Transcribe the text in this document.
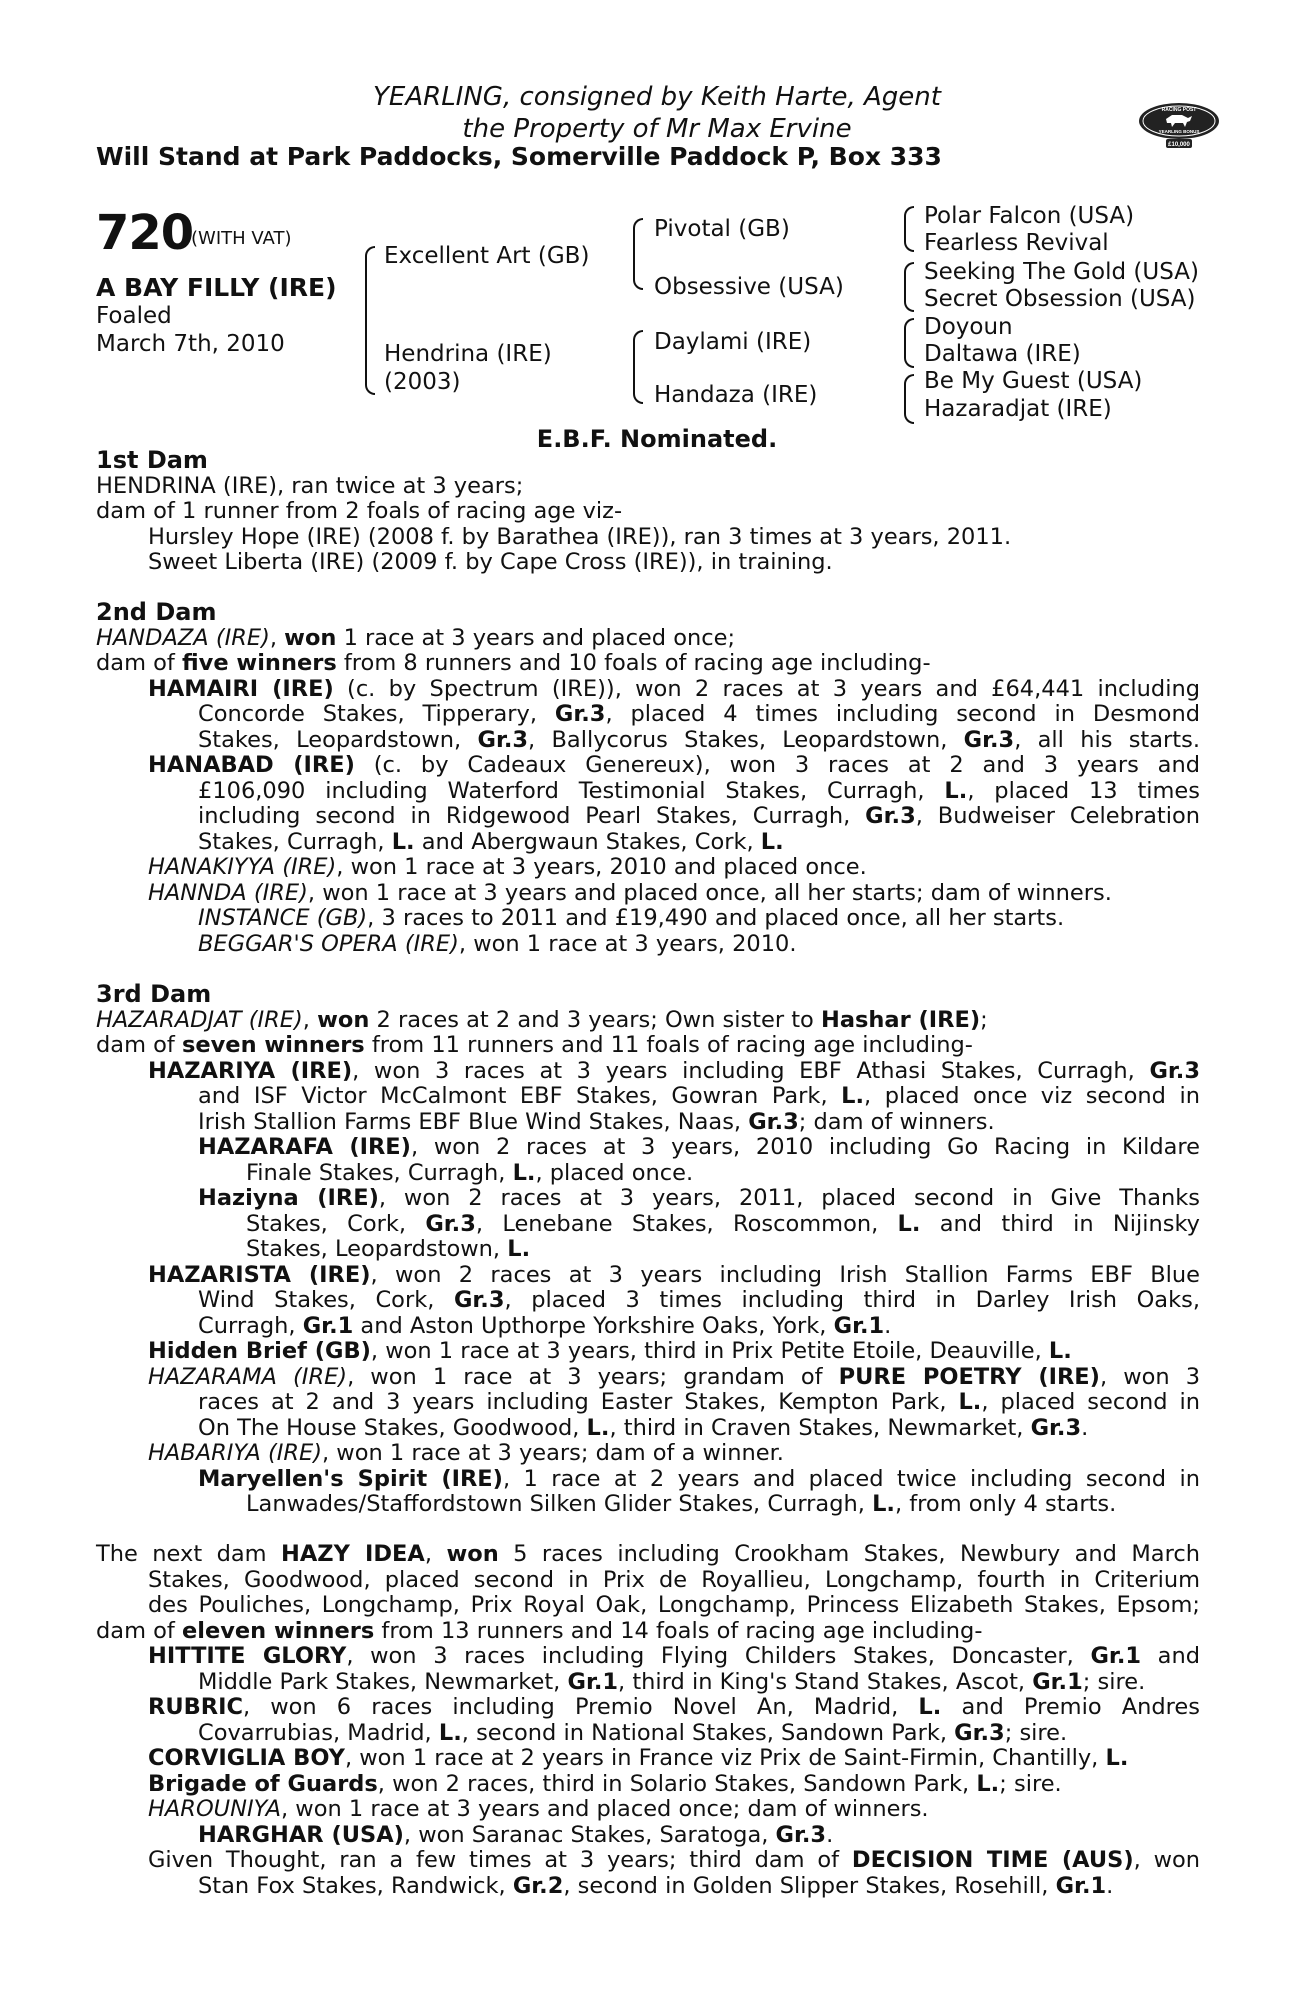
YEARLING, consigned by Keith Harte, Agent
the Property of Mr Max Ervine
Will Stand at Park Paddocks, Somerville Paddock P, Box 333
RACING POST
YEARLING BONUS
£10,000
720
(WITH VAT)
A BAY FILLY (IRE)
Foaled
March 7th, 2010
Excellent Art (GB)
Hendrina (IRE)
(2003)
Pivotal (GB)
Obsessive (USA)
Daylami (IRE)
Handaza (IRE)
Polar Falcon (USA)
Fearless Revival
Seeking The Gold (USA)
Secret Obsession (USA)
Doyoun
Daltawa (IRE)
Be My Guest (USA)
Hazaradjat (IRE)
E.B.F. Nominated.
1st Dam
HENDRINA (IRE), ran twice at 3 years;
dam of 1 runner from 2 foals of racing age viz-
Hursley Hope (IRE) (2008 f. by Barathea (IRE)), ran 3 times at 3 years, 2011.
Sweet Liberta (IRE) (2009 f. by Cape Cross (IRE)), in training.
2nd Dam
HANDAZA (IRE), won 1 race at 3 years and placed once;
dam of five winners from 8 runners and 10 foals of racing age including-
HAMAIRI (IRE) (c. by Spectrum (IRE)), won 2 races at 3 years and £64,441 including
Concorde Stakes, Tipperary, Gr.3, placed 4 times including second in Desmond
Stakes, Leopardstown, Gr.3, Ballycorus Stakes, Leopardstown, Gr.3, all his starts.
HANABAD (IRE) (c. by Cadeaux Genereux), won 3 races at 2 and 3 years and
£106,090 including Waterford Testimonial Stakes, Curragh, L., placed 13 times
including second in Ridgewood Pearl Stakes, Curragh, Gr.3, Budweiser Celebration
Stakes, Curragh, L. and Abergwaun Stakes, Cork, L.
HANAKIYYA (IRE), won 1 race at 3 years, 2010 and placed once.
HANNDA (IRE), won 1 race at 3 years and placed once, all her starts; dam of winners.
INSTANCE (GB), 3 races to 2011 and £19,490 and placed once, all her starts.
BEGGAR'S OPERA (IRE), won 1 race at 3 years, 2010.
3rd Dam
HAZARADJAT (IRE), won 2 races at 2 and 3 years; Own sister to Hashar (IRE);
dam of seven winners from 11 runners and 11 foals of racing age including-
HAZARIYA (IRE), won 3 races at 3 years including EBF Athasi Stakes, Curragh, Gr.3
and ISF Victor McCalmont EBF Stakes, Gowran Park, L., placed once viz second in
Irish Stallion Farms EBF Blue Wind Stakes, Naas, Gr.3; dam of winners.
HAZARAFA (IRE), won 2 races at 3 years, 2010 including Go Racing in Kildare
Finale Stakes, Curragh, L., placed once.
Haziyna (IRE), won 2 races at 3 years, 2011, placed second in Give Thanks
Stakes, Cork, Gr.3, Lenebane Stakes, Roscommon, L. and third in Nijinsky
Stakes, Leopardstown, L.
HAZARISTA (IRE), won 2 races at 3 years including Irish Stallion Farms EBF Blue
Wind Stakes, Cork, Gr.3, placed 3 times including third in Darley Irish Oaks,
Curragh, Gr.1 and Aston Upthorpe Yorkshire Oaks, York, Gr.1.
Hidden Brief (GB), won 1 race at 3 years, third in Prix Petite Etoile, Deauville, L.
HAZARAMA (IRE), won 1 race at 3 years; grandam of PURE POETRY (IRE), won 3
races at 2 and 3 years including Easter Stakes, Kempton Park, L., placed second in
On The House Stakes, Goodwood, L., third in Craven Stakes, Newmarket, Gr.3.
HABARIYA (IRE), won 1 race at 3 years; dam of a winner.
Maryellen's Spirit (IRE), 1 race at 2 years and placed twice including second in
Lanwades/Staffordstown Silken Glider Stakes, Curragh, L., from only 4 starts.
The next dam HAZY IDEA, won 5 races including Crookham Stakes, Newbury and March
Stakes, Goodwood, placed second in Prix de Royallieu, Longchamp, fourth in Criterium
des Pouliches, Longchamp, Prix Royal Oak, Longchamp, Princess Elizabeth Stakes, Epsom;
dam of eleven winners from 13 runners and 14 foals of racing age including-
HITTITE GLORY, won 3 races including Flying Childers Stakes, Doncaster, Gr.1 and
Middle Park Stakes, Newmarket, Gr.1, third in King's Stand Stakes, Ascot, Gr.1; sire.
RUBRIC, won 6 races including Premio Novel An, Madrid, L. and Premio Andres
Covarrubias, Madrid, L., second in National Stakes, Sandown Park, Gr.3; sire.
CORVIGLIA BOY, won 1 race at 2 years in France viz Prix de Saint-Firmin, Chantilly, L.
Brigade of Guards, won 2 races, third in Solario Stakes, Sandown Park, L.; sire.
HAROUNIYA, won 1 race at 3 years and placed once; dam of winners.
HARGHAR (USA), won Saranac Stakes, Saratoga, Gr.3.
Given Thought, ran a few times at 3 years; third dam of DECISION TIME (AUS), won
Stan Fox Stakes, Randwick, Gr.2, second in Golden Slipper Stakes, Rosehill, Gr.1.
